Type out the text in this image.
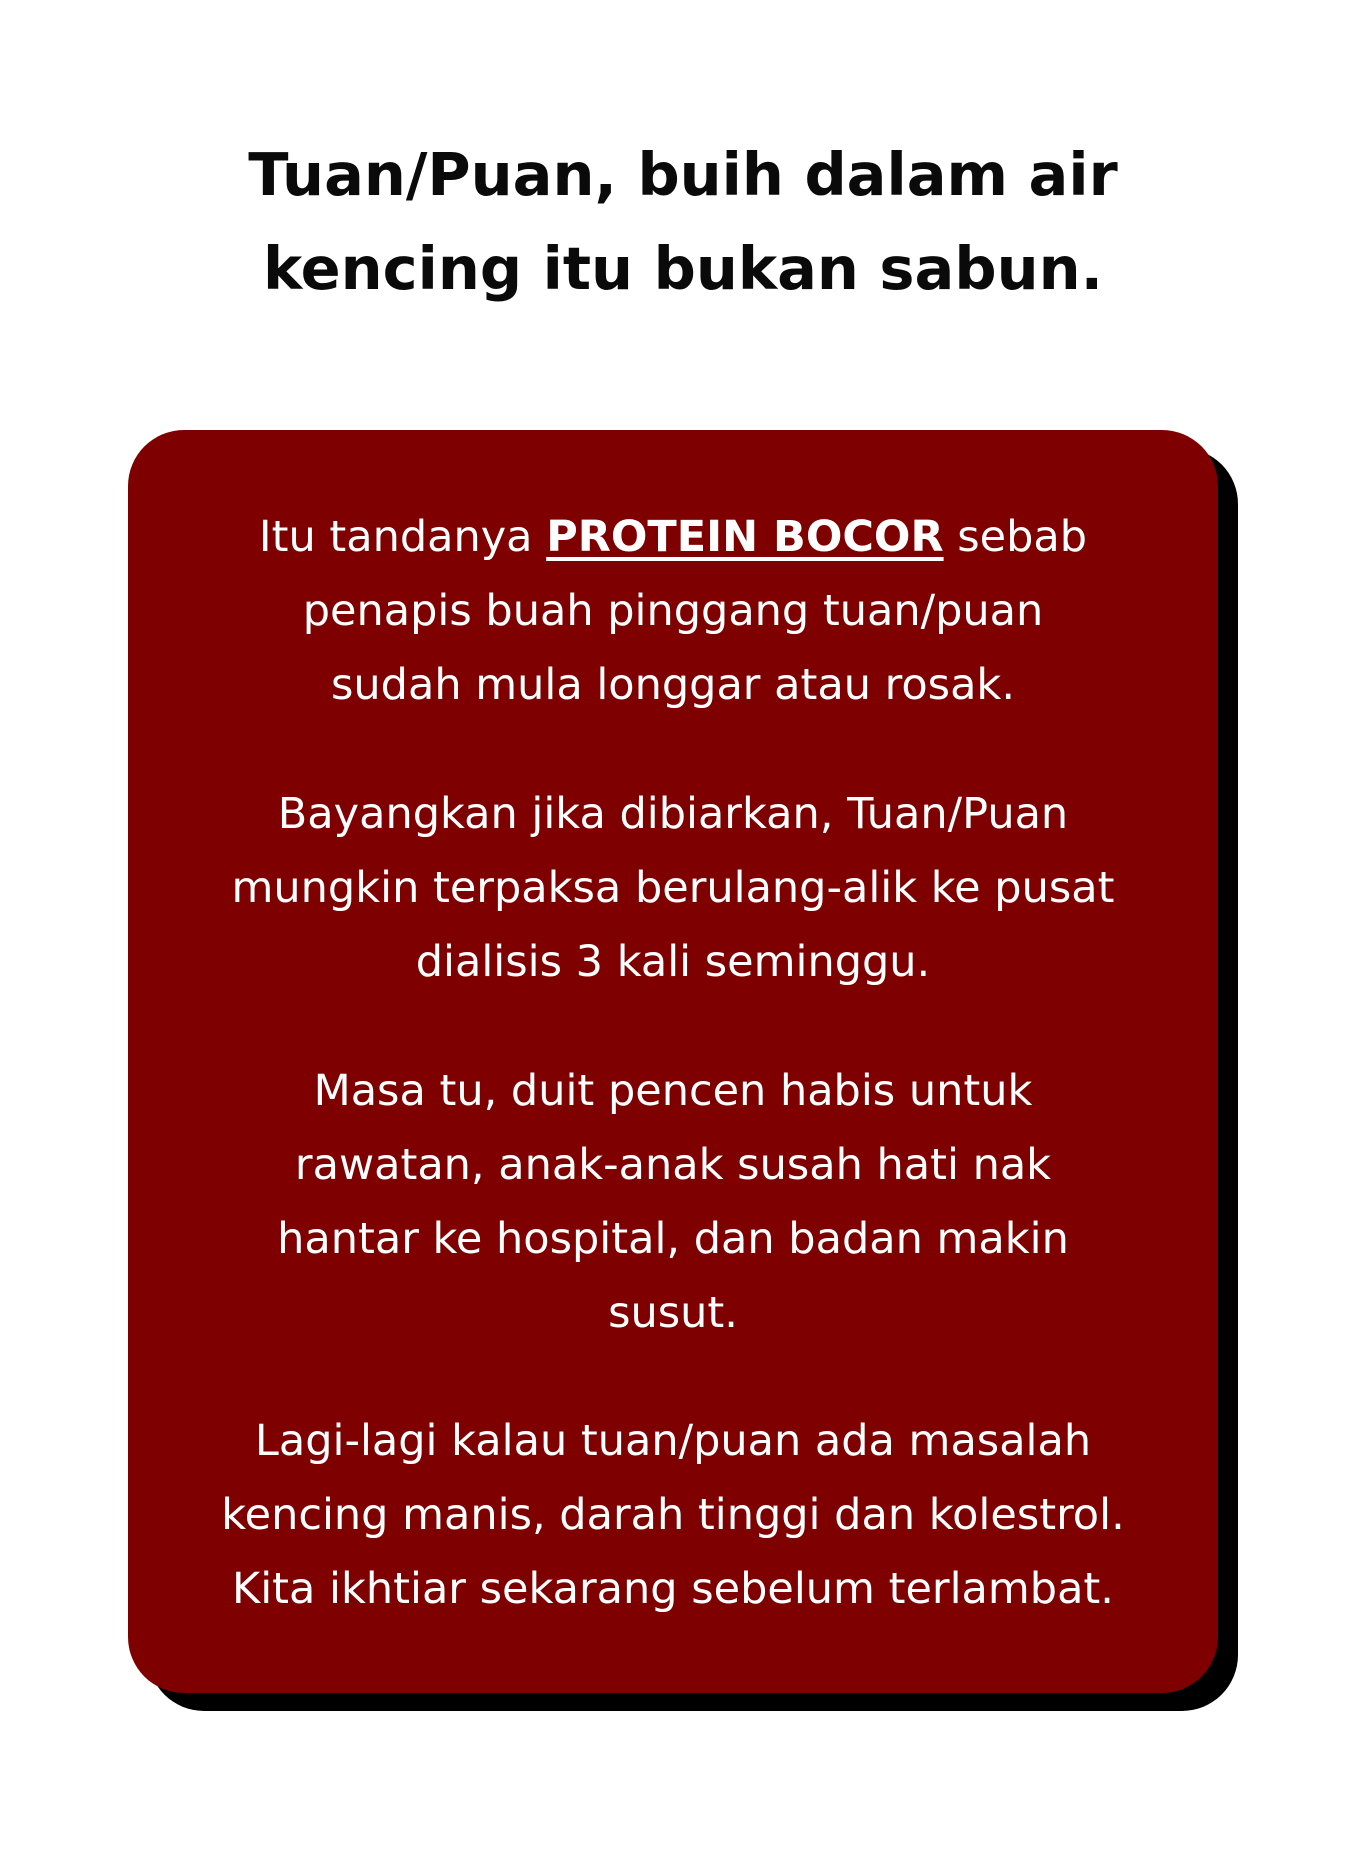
Tuan/Puan, buih dalam air
kencing itu bukan sabun.

Itu tandanya PROTEIN BOCOR sebab
penapis buah pinggang tuan/puan
sudah mula longgar atau rosak.

Bayangkan jika dibiarkan, Tuan/Puan
mungkin terpaksa berulang-alik ke pusat
dialisis 3 kali seminggu.

Masa tu, duit pencen habis untuk
rawatan, anak-anak susah hati nak
hantar ke hospital, dan badan makin
susut.

Lagi-lagi kalau tuan/puan ada masalah
kencing manis, darah tinggi dan kolestrol.
Kita ikhtiar sekarang sebelum terlambat.
